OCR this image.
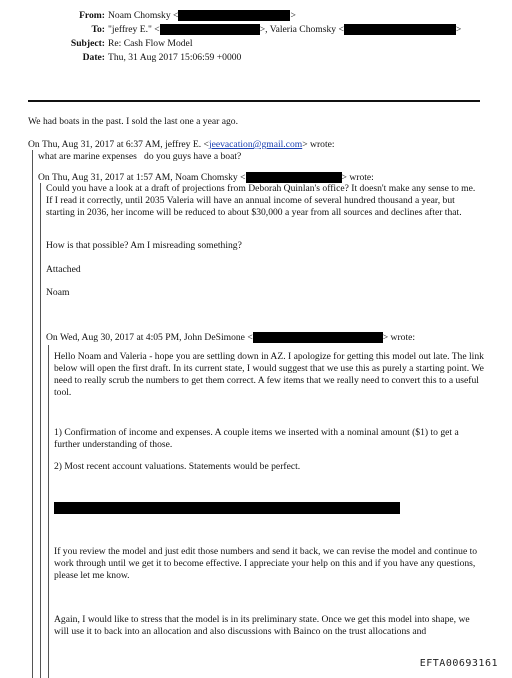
From: Noam Chomsky <	>
To: "jeffrey E." <	>, Valeria Chomsky <	>
Subject: Re: Cash Flow Model
Date: Thu, 31 Aug 2017 15:06:59 +0000
We had boats in the past. I sold the last one a year ago.
On Thu, Aug 31, 2017 at 6:37 AM, jeffrey E. <jeevacation@gmail.com> wrote:
what are marine expenses   do you guys have a boat?
On Thu, Aug 31, 2017 at 1:57 AM, Noam Chomsky <	> wrote:
Could you have a look at a draft of projections from Deborah Quinlan's office? It doesn't make any sense to me. If I read it correctly, until 2035 Valeria will have an annual income of several hundred thousand a year, but starting in 2036, her income will be reduced to about $30,000 a year from all sources and declines after that.
How is that possible? Am I misreading something?
Attached
Noam
On Wed, Aug 30, 2017 at 4:05 PM, John DeSimone <	> wrote:
Hello Noam and Valeria - hope you are settling down in AZ. I apologize for getting this model out late. The link below will open the first draft. In its current state, I would suggest that we use this as purely a starting point. We need to really scrub the numbers to get them correct. A few items that we really need to convert this to a useful tool.
1) Confirmation of income and expenses. A couple items we inserted with a nominal amount ($1) to get a further understanding of those.
2) Most recent account valuations. Statements would be perfect.
If you review the model and just edit those numbers and send it back, we can revise the model and continue to work through until we get it to become effective. I appreciate your help on this and if you have any questions, please let me know.
Again, I would like to stress that the model is in its preliminary state. Once we get this model into shape, we will use it to back into an allocation and also discussions with Bainco on the trust allocations and
EFTA00693161
